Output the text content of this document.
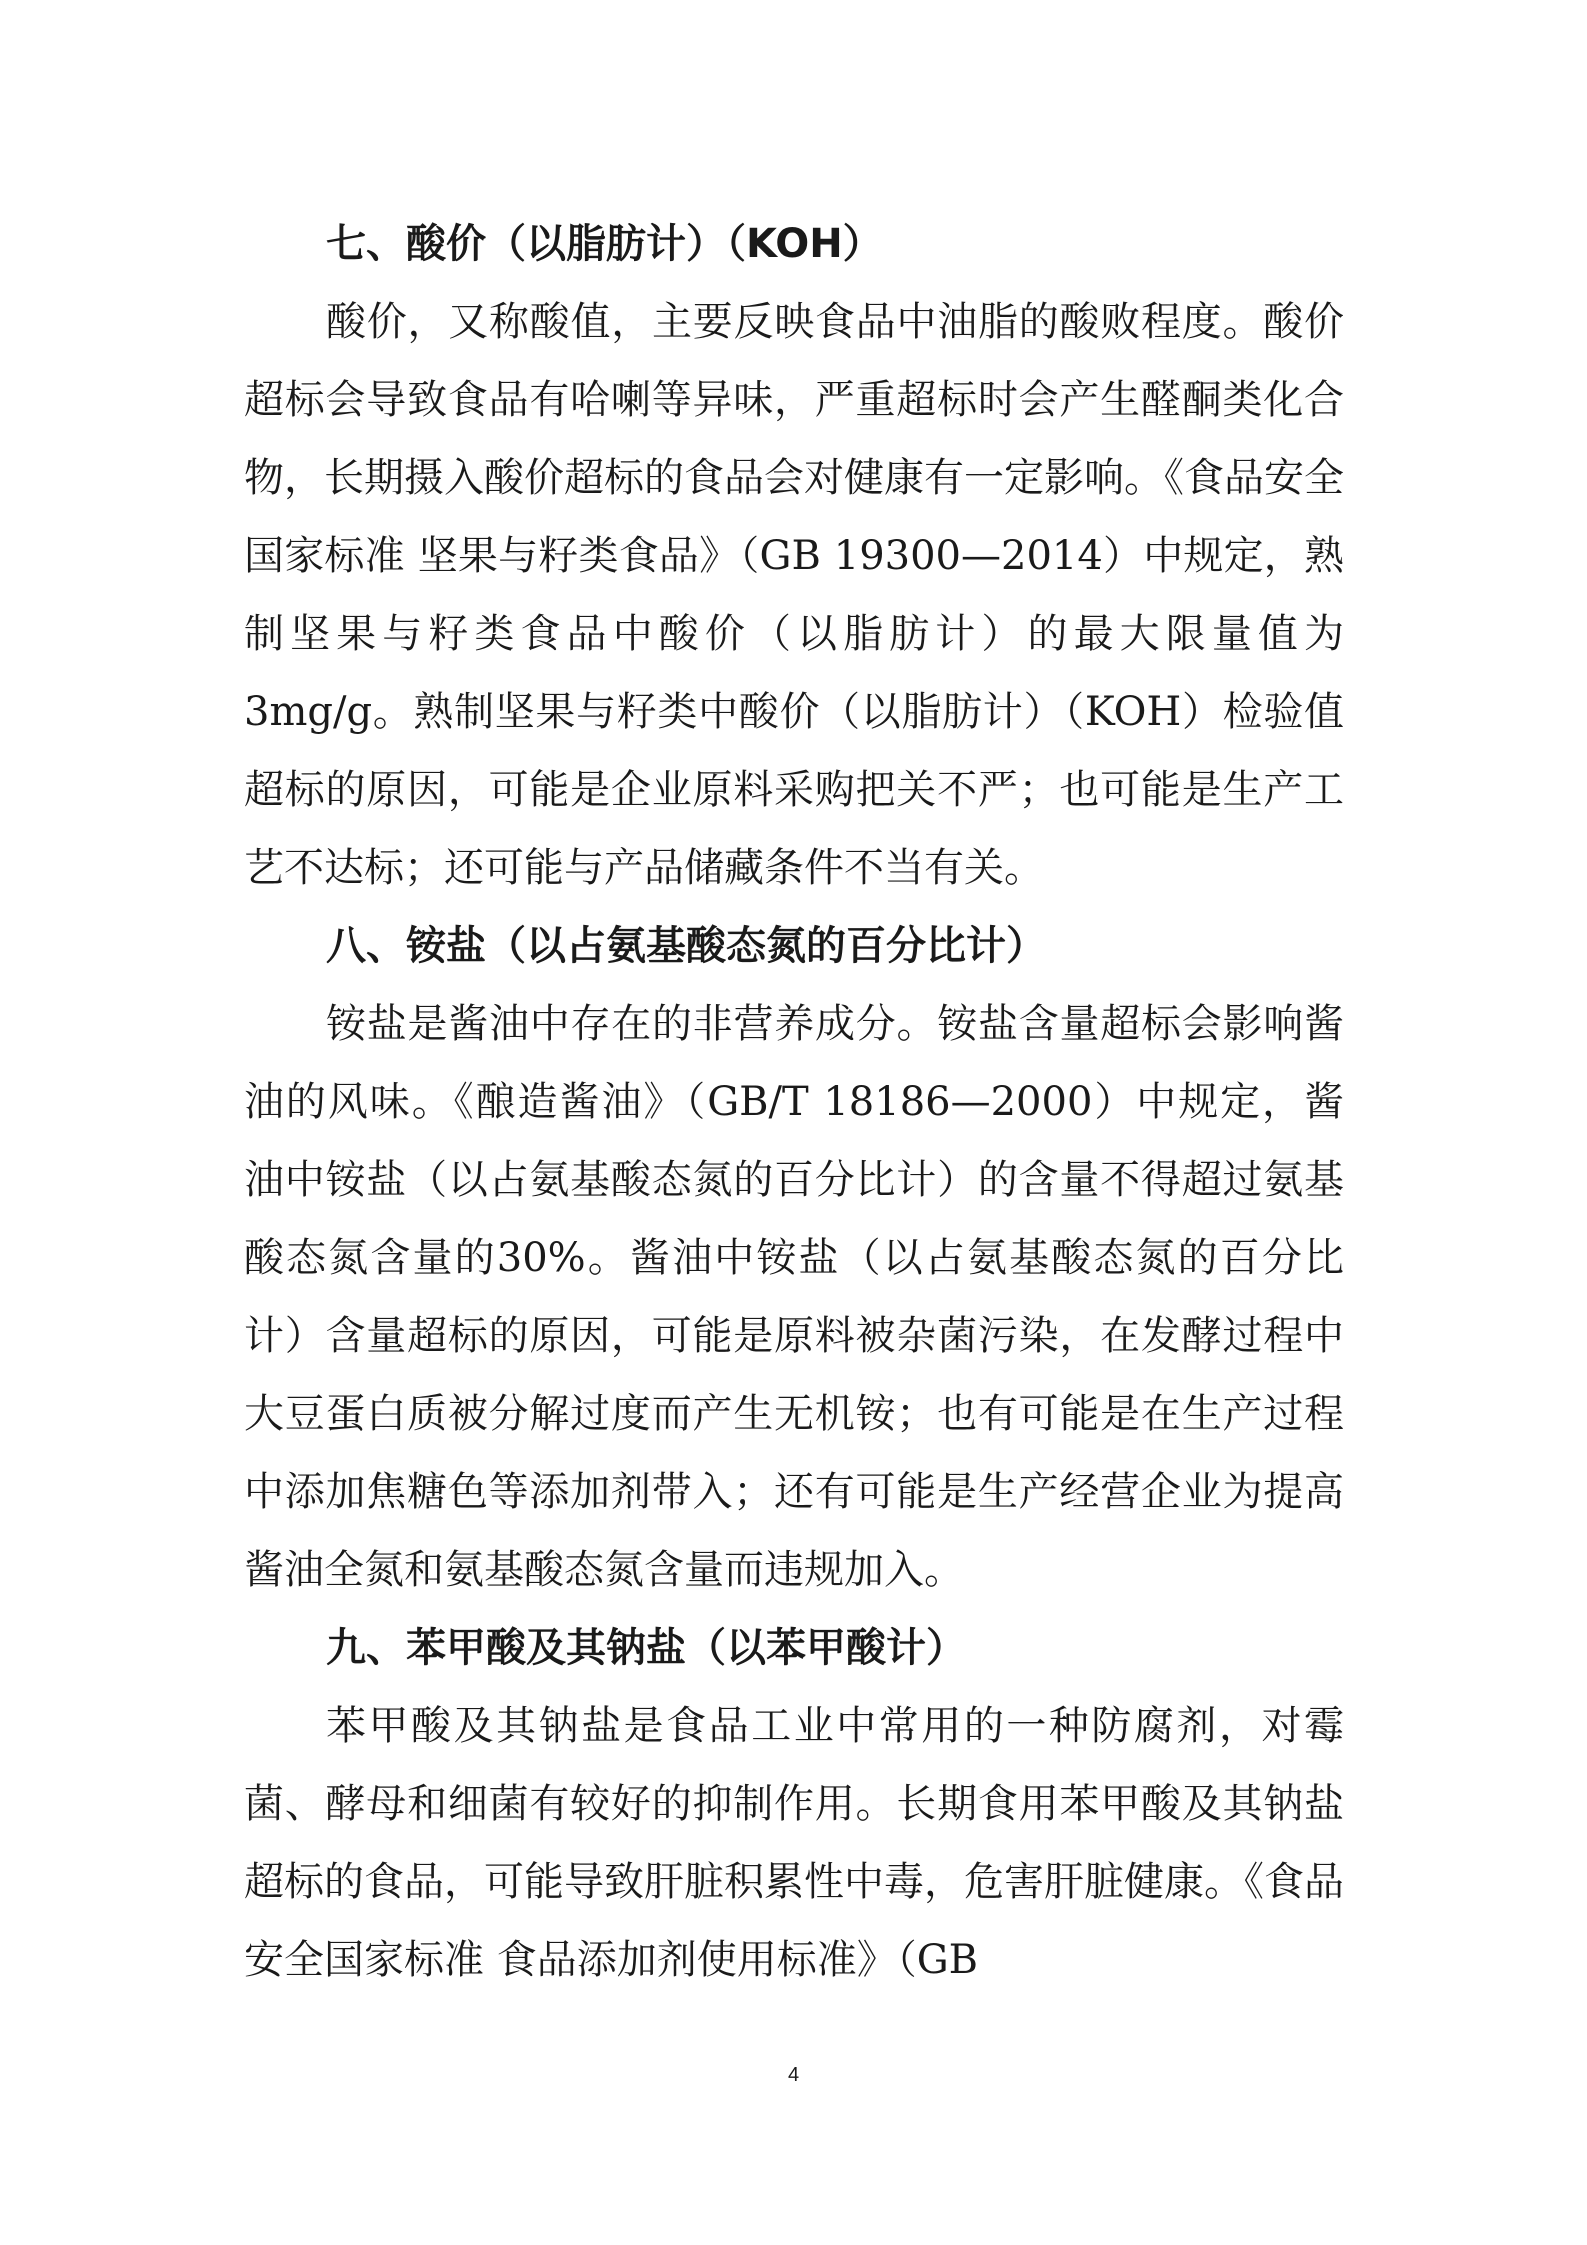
七、酸价（以脂肪计）（KOH）

酸价，又称酸值，主要反映食品中油脂的酸败程度。酸价超标会导致食品有哈喇等异味，严重超标时会产生醛酮类化合物，长期摄入酸价超标的食品会对健康有一定影响。《食品安全国家标准 坚果与籽类食品》（GB 19300—2014）中规定，熟制坚果与籽类食品中酸价（以脂肪计）的最大限量值为3mg/g。熟制坚果与籽类中酸价（以脂肪计）（KOH）检验值超标的原因，可能是企业原料采购把关不严；也可能是生产工艺不达标；还可能与产品储藏条件不当有关。

八、铵盐（以占氨基酸态氮的百分比计）

铵盐是酱油中存在的非营养成分。铵盐含量超标会影响酱油的风味。《酿造酱油》（GB/T 18186—2000）中规定，酱油中铵盐（以占氨基酸态氮的百分比计）的含量不得超过氨基酸态氮含量的30%。酱油中铵盐（以占氨基酸态氮的百分比计）含量超标的原因，可能是原料被杂菌污染，在发酵过程中大豆蛋白质被分解过度而产生无机铵；也有可能是在生产过程中添加焦糖色等添加剂带入；还有可能是生产经营企业为提高酱油全氮和氨基酸态氮含量而违规加入。

九、苯甲酸及其钠盐（以苯甲酸计）

苯甲酸及其钠盐是食品工业中常用的一种防腐剂，对霉菌、酵母和细菌有较好的抑制作用。长期食用苯甲酸及其钠盐超标的食品，可能导致肝脏积累性中毒，危害肝脏健康。《食品安全国家标准 食品添加剂使用标准》（GB

4
